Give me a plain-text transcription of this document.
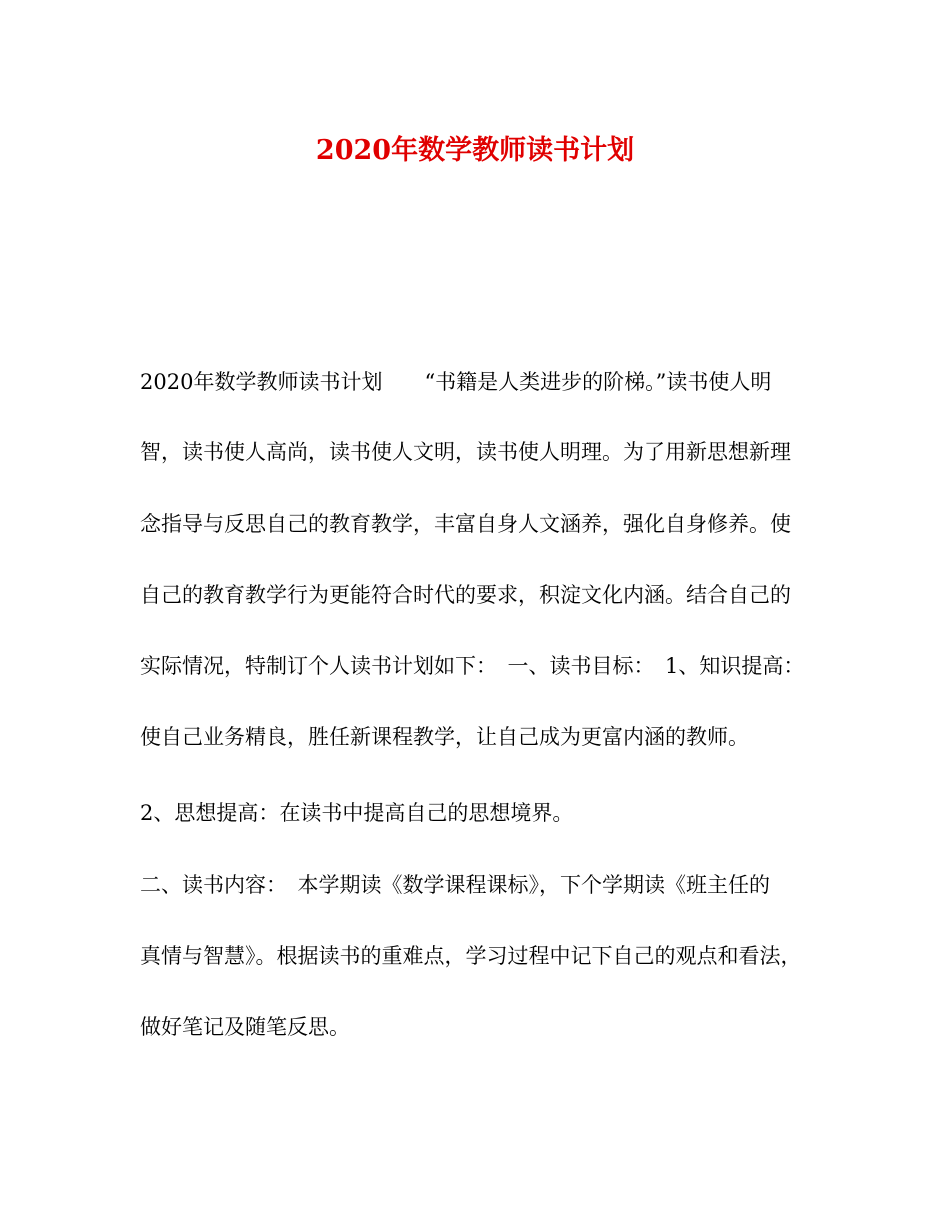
2020年数学教师读书计划
2020年数学教师读书计划　　“书籍是人类进步的阶梯。”读书使人明
智，读书使人高尚，读书使人文明，读书使人明理。为了用新思想新理
念指导与反思自己的教育教学，丰富自身人文涵养，强化自身修养。使
自己的教育教学行为更能符合时代的要求，积淀文化内涵。结合自己的
实际情况，特制订个人读书计划如下：　一、读书目标：　1、知识提高：
使自己业务精良，胜任新课程教学，让自己成为更富内涵的教师。
2、思想提高：在读书中提高自己的思想境界。
二、读书内容：　本学期读《数学课程课标》，下个学期读《班主任的
真情与智慧》。根据读书的重难点，学习过程中记下自己的观点和看法，
做好笔记及随笔反思。
